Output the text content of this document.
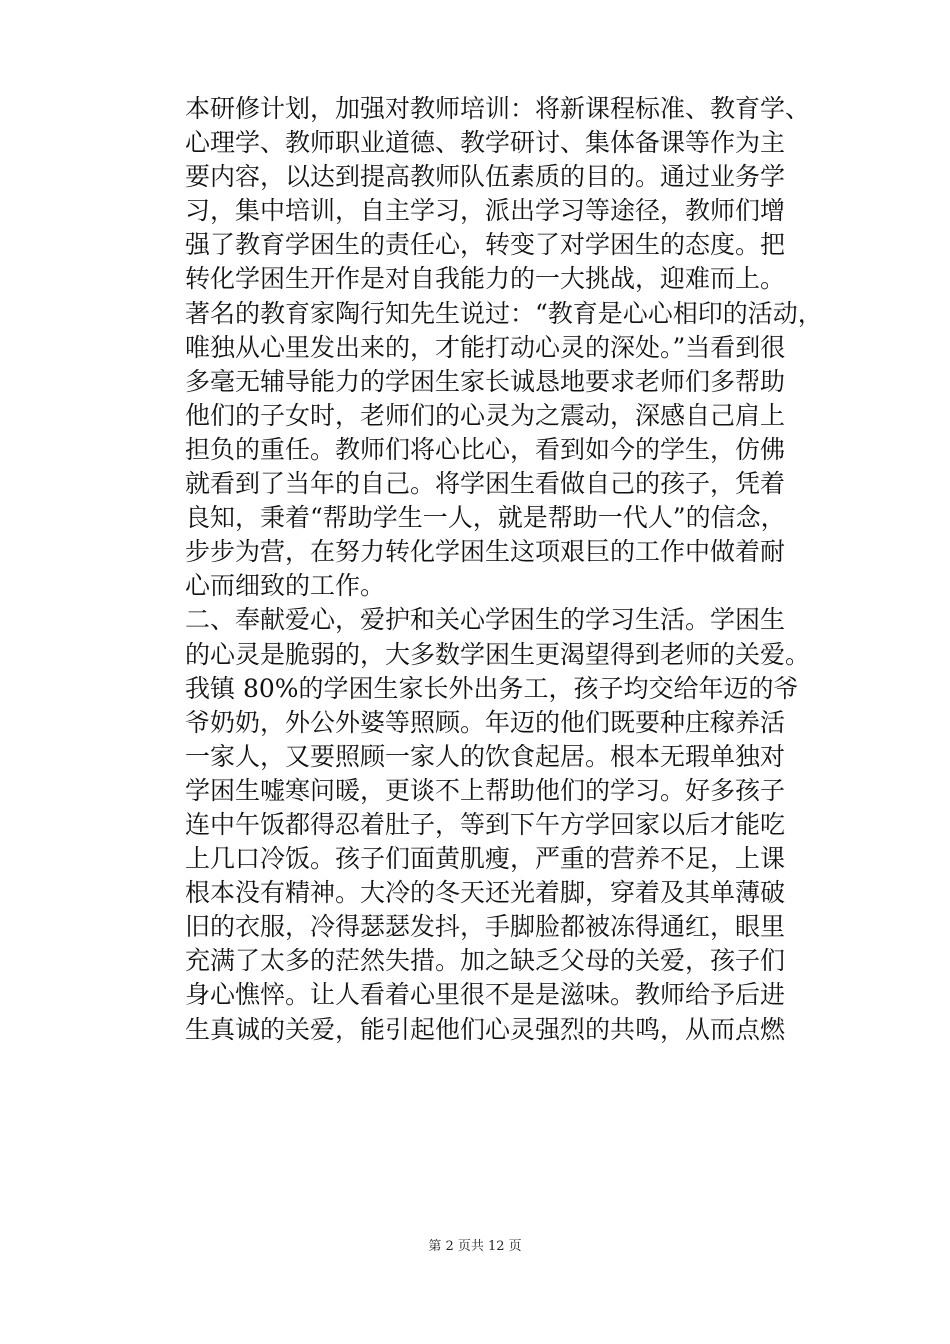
本研修计划，加强对教师培训：将新课程标准、教育学、
心理学、教师职业道德、教学研讨、集体备课等作为主
要内容，以达到提高教师队伍素质的目的。通过业务学
习，集中培训，自主学习，派出学习等途径，教师们增
强了教育学困生的责任心，转变了对学困生的态度。把
转化学困生开作是对自我能力的一大挑战，迎难而上。
著名的教育家陶行知先生说过：“教育是心心相印的活动，
唯独从心里发出来的，才能打动心灵的深处。”当看到很
多毫无辅导能力的学困生家长诚恳地要求老师们多帮助
他们的子女时，老师们的心灵为之震动，深感自己肩上
担负的重任。教师们将心比心，看到如今的学生，仿佛
就看到了当年的自己。将学困生看做自己的孩子，凭着
良知，秉着“帮助学生一人，就是帮助一代人”的信念，
步步为营，在努力转化学困生这项艰巨的工作中做着耐
心而细致的工作。
二、奉献爱心，爱护和关心学困生的学习生活。学困生
的心灵是脆弱的，大多数学困生更渴望得到老师的关爱。
我镇 80%的学困生家长外出务工，孩子均交给年迈的爷
爷奶奶，外公外婆等照顾。年迈的他们既要种庄稼养活
一家人，又要照顾一家人的饮食起居。根本无瑕单独对
学困生嘘寒问暖，更谈不上帮助他们的学习。好多孩子
连中午饭都得忍着肚子，等到下午方学回家以后才能吃
上几口冷饭。孩子们面黄肌瘦，严重的营养不足，上课
根本没有精神。大冷的冬天还光着脚，穿着及其单薄破
旧的衣服，冷得瑟瑟发抖，手脚脸都被冻得通红，眼里
充满了太多的茫然失措。加之缺乏父母的关爱，孩子们
身心憔悴。让人看着心里很不是是滋味。教师给予后进
生真诚的关爱，能引起他们心灵强烈的共鸣，从而点燃
第 2 页共 12 页
